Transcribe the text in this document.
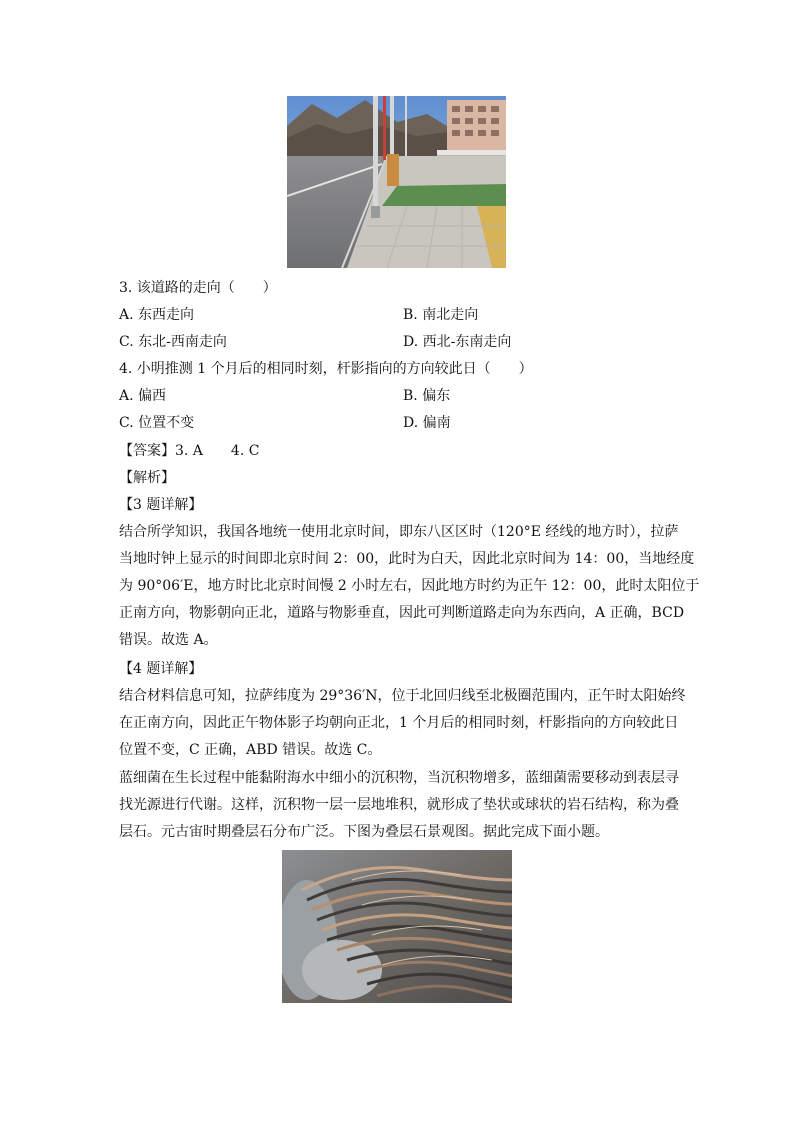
3. 该道路的走向（　　）
A. 东西走向	B. 南北走向
C. 东北-西南走向	D. 西北-东南走向
4. 小明推测 1 个月后的相同时刻，杆影指向的方向较此日（　　）
A. 偏西	B. 偏东
C. 位置不变	D. 偏南
【答案】3. A 4. C
【解析】
【3 题详解】

结合所学知识，我国各地统一使用北京时间，即东八区区时（120°E 经线的地方时），拉萨

当地时钟上显示的时间即北京时间 2：00，此时为白天，因此北京时间为 14：00，当地经度

为 90°06′E，地方时比北京时间慢 2 小时左右，因此地方时约为正午 12：00，此时太阳位于

正南方向，物影朝向正北，道路与物影垂直，因此可判断道路走向为东西向，A 正确，BCD

错误。故选 A。

【4 题详解】

结合材料信息可知，拉萨纬度为 29°36′N，位于北回归线至北极圈范围内，正午时太阳始终

在正南方向，因此正午物体影子均朝向正北，1 个月后的相同时刻，杆影指向的方向较此日

位置不变，C 正确，ABD 错误。故选 C。

蓝细菌在生长过程中能黏附海水中细小的沉积物，当沉积物增多，蓝细菌需要移动到表层寻

找光源进行代谢。这样，沉积物一层一层地堆积，就形成了垫状或球状的岩石结构，称为叠

层石。元古宙时期叠层石分布广泛。下图为叠层石景观图。据此完成下面小题。
